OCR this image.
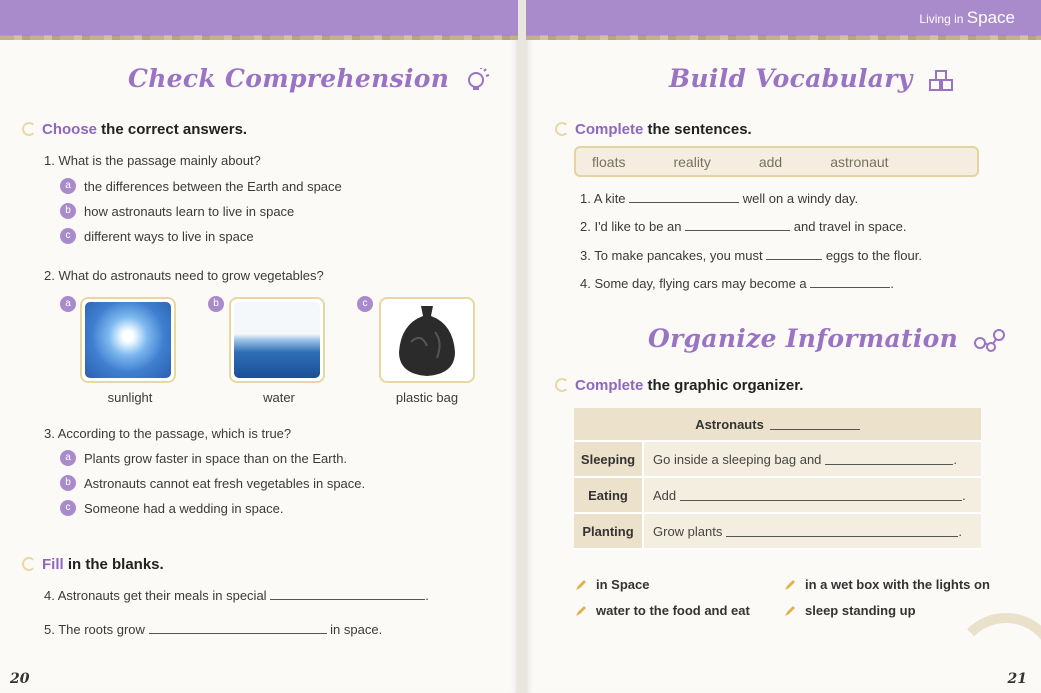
Check Comprehension
Choose the correct answers.
1. What is the passage mainly about?
a	the differences between the Earth and space
b	how astronauts learn to live in space
c	different ways to live in space
2. What do astronauts need to grow vegetables?
a	b	c
sunlight	water	plastic bag
3. According to the passage, which is true?
a	Plants grow faster in space than on the Earth.
b	Astronauts cannot eat fresh vegetables in space.
c	Someone had a wedding in space.
Fill in the blanks.
4. Astronauts get their meals in special	.
5. The roots grow	in space.
20
Living in Space
Build Vocabulary
Complete the sentences.
floats	reality	add	astronaut
1. A kite	well on a windy day.
2. I'd like to be an	and travel in space.
3. To make pancakes, you must	eggs to the flour.
4. Some day, flying cars may become a	.
Organize Information
Complete the graphic organizer.
Astronauts
Sleeping	Go inside a sleeping bag and	.
Eating	Add	.
Planting	Grow plants	.
in Space	in a wet box with the lights on
water to the food and eat	sleep standing up
21
